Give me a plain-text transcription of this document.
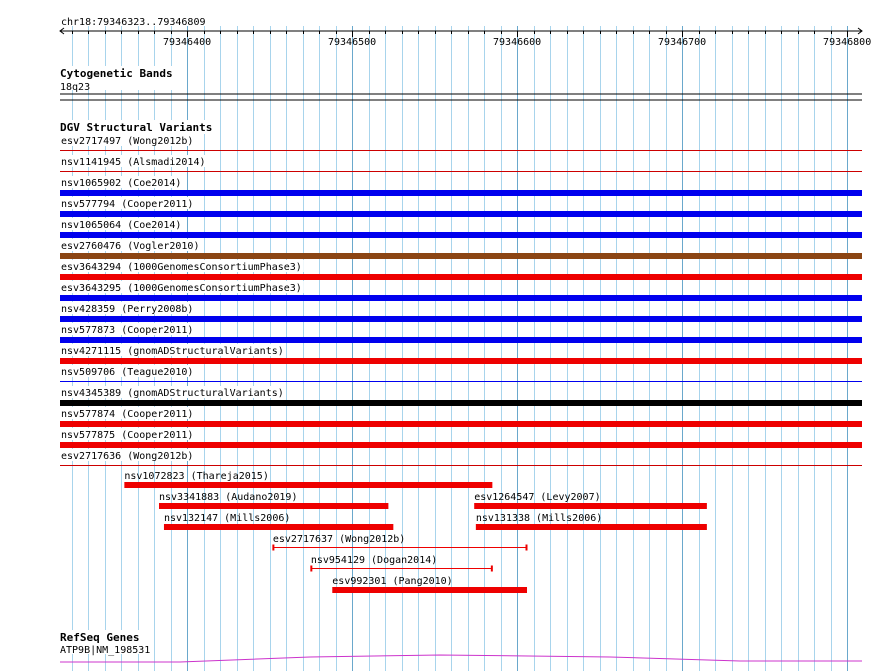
chr18:79346323..79346809
79346400	79346500	79346600	79346700	79346800
Cytogenetic Bands
18q23
DGV Structural Variants
esv2717497 (Wong2012b)
nsv1141945 (Alsmadi2014)
nsv1065902 (Coe2014)
nsv577794 (Cooper2011)
nsv1065064 (Coe2014)
esv2760476 (Vogler2010)
esv3643294 (1000GenomesConsortiumPhase3)
esv3643295 (1000GenomesConsortiumPhase3)
nsv428359 (Perry2008b)
nsv577873 (Cooper2011)
nsv4271115 (gnomADStructuralVariants)
nsv509706 (Teague2010)
nsv4345389 (gnomADStructuralVariants)
nsv577874 (Cooper2011)
nsv577875 (Cooper2011)
esv2717636 (Wong2012b)
nsv1072823 (Thareja2015)
nsv3341883 (Audano2019)	esv1264547 (Levy2007)
nsv132147 (Mills2006)	nsv131338 (Mills2006)
esv2717637 (Wong2012b)
nsv954129 (Dogan2014)
esv992301 (Pang2010)
RefSeq Genes
ATP9B|NM_198531
